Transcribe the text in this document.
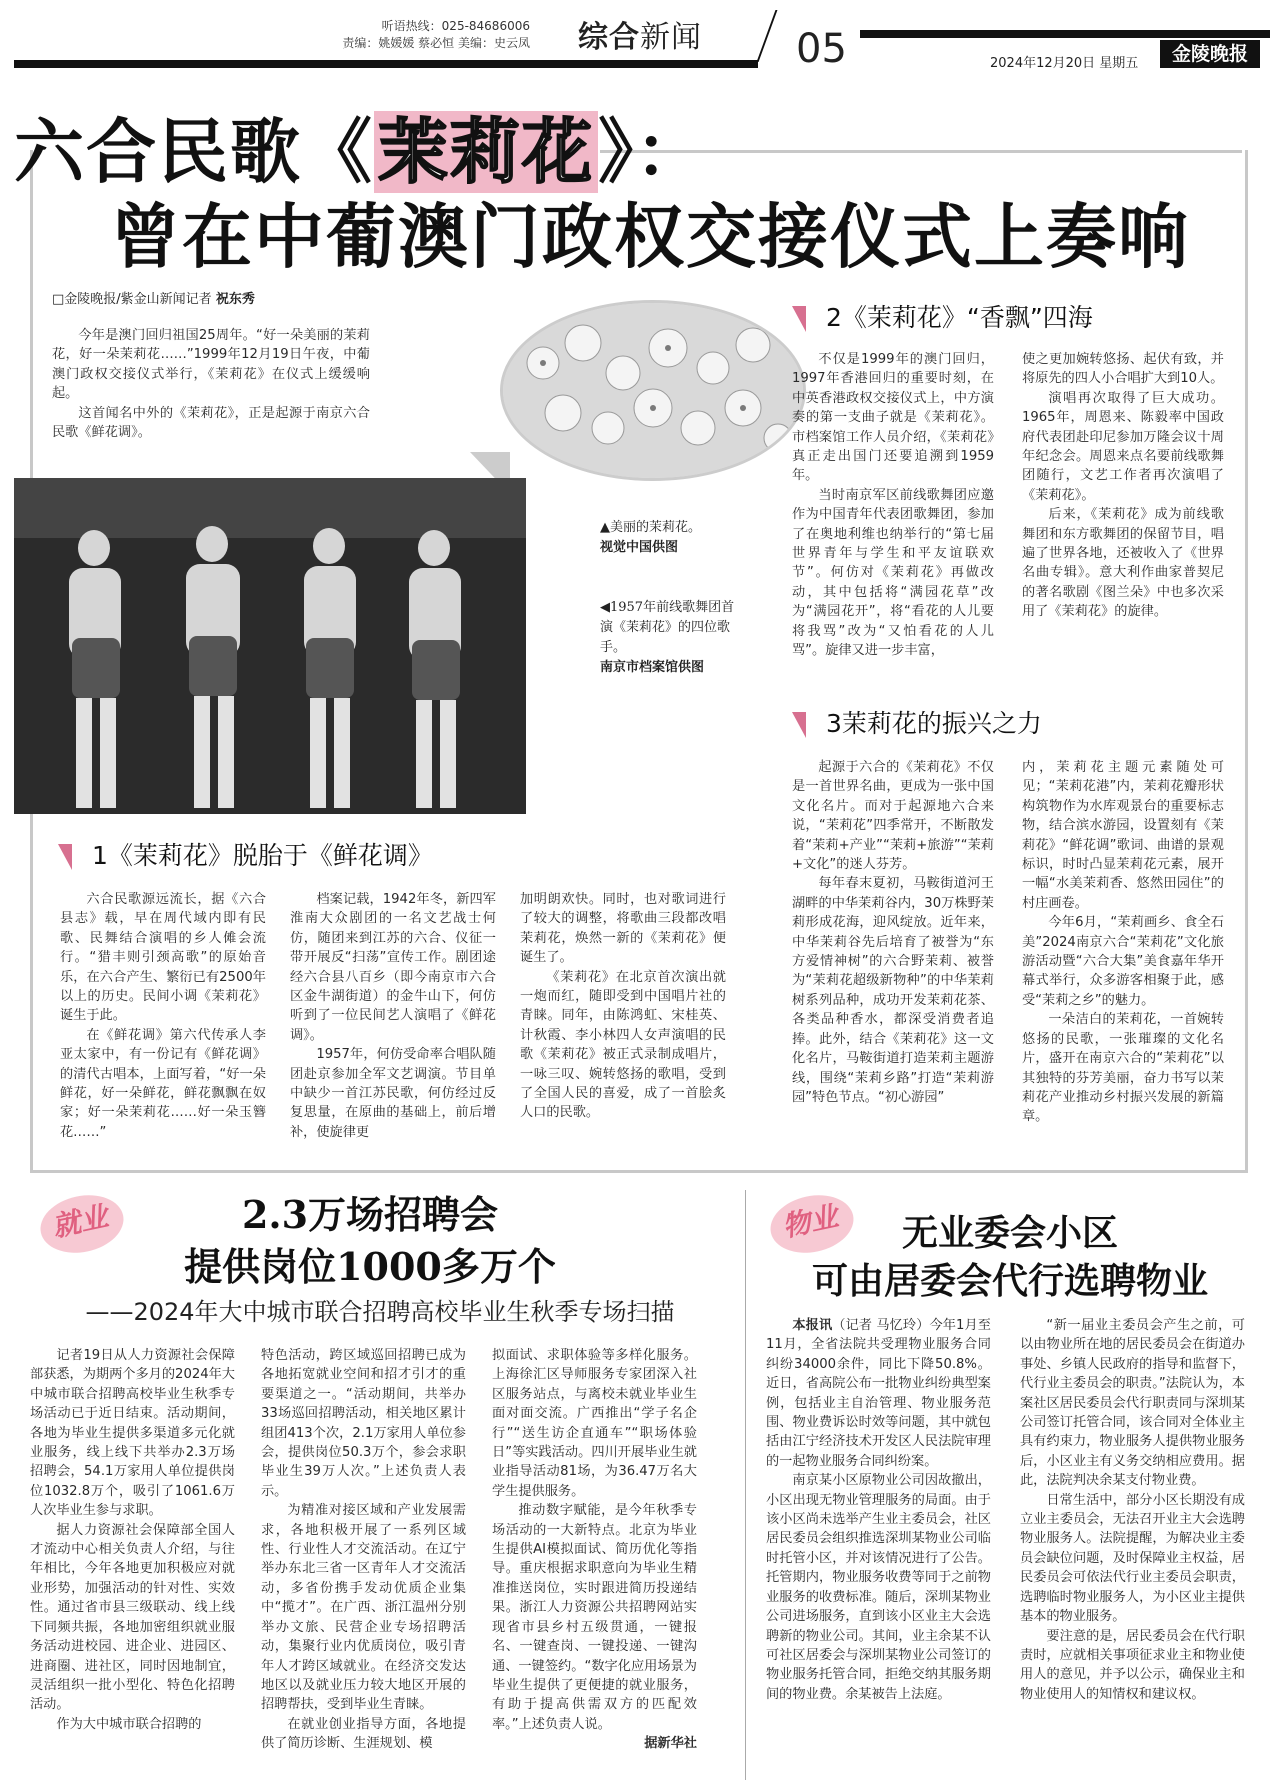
听语热线：025-84686006
责编：姚媛媛 蔡必恒 美编：史云凤 综合新闻 05	2024年12月20日 星期五	金陵晚报
六合民歌《茉莉花》：
曾在中葡澳门政权交接仪式上奏响
□金陵晚报/紫金山新闻记者 祝东秀

今年是澳门回归祖国25周年。“好一朵美丽的茉莉花，好一朵茉莉花……”1999年12月19日午夜，中葡澳门政权交接仪式举行，《茉莉花》在仪式上缓缓响起。

这首闻名中外的《茉莉花》，正是起源于南京六合民歌《鲜花调》。

▲美丽的茉莉花。
视觉中国供图
◀1957年前线歌舞团首演《茉莉花》的四位歌手。
南京市档案馆供图
1《茉莉花》脱胎于《鲜花调》

六合民歌源远流长，据《六合县志》载，早在周代域内即有民歌、民舞结合演唱的乡人傩会流行。“猎丰则引颈高歌”的原始音乐，在六合产生、繁衍已有2500年以上的历史。民间小调《茉莉花》诞生于此。

在《鲜花调》第六代传承人李亚太家中，有一份记有《鲜花调》的清代古唱本，上面写着，“好一朵鲜花，好一朵鲜花，鲜花飘飘在奴家；好一朵茉莉花……好一朵玉簪花……”

档案记载，1942年冬，新四军淮南大众剧团的一名文艺战士何仿，随团来到江苏的六合、仪征一带开展反“扫荡”宣传工作。剧团途经六合县八百乡（即今南京市六合区金牛湖街道）的金牛山下，何仿听到了一位民间艺人演唱了《鲜花调》。

1957年，何仿受命率合唱队随团赴京参加全军文艺调演。节目单中缺少一首江苏民歌，何仿经过反复思量，在原曲的基础上，前后增补，使旋律更

加明朗欢快。同时，也对歌词进行了较大的调整，将歌曲三段都改唱茉莉花，焕然一新的《茉莉花》便诞生了。

《茉莉花》在北京首次演出就一炮而红，随即受到中国唱片社的青睐。同年，由陈鸿虹、宋桂英、计秋霞、李小林四人女声演唱的民歌《茉莉花》被正式录制成唱片，一咏三叹、婉转悠扬的歌唱，受到了全国人民的喜爱，成了一首脍炙人口的民歌。

2《茉莉花》“香飘”四海

不仅是1999年的澳门回归，1997年香港回归的重要时刻，在中英香港政权交接仪式上，中方演奏的第一支曲子就是《茉莉花》。市档案馆工作人员介绍，《茉莉花》真正走出国门还要追溯到1959年。

当时南京军区前线歌舞团应邀作为中国青年代表团歌舞团，参加了在奥地利维也纳举行的“第七届世界青年与学生和平友谊联欢节”。何仿对《茉莉花》再做改动，其中包括将“满园花草”改为“满园花开”，将“看花的人儿要将我骂”改为“又怕看花的人儿骂”。旋律又进一步丰富，

使之更加婉转悠扬、起伏有致，并将原先的四人小合唱扩大到10人。

演唱再次取得了巨大成功。1965年，周恩来、陈毅率中国政府代表团赴印尼参加万隆会议十周年纪念会。周恩来点名要前线歌舞团随行，文艺工作者再次演唱了《茉莉花》。

后来，《茉莉花》成为前线歌舞团和东方歌舞团的保留节目，唱遍了世界各地，还被收入了《世界名曲专辑》。意大利作曲家普契尼的著名歌剧《图兰朵》中也多次采用了《茉莉花》的旋律。

3茉莉花的振兴之力

起源于六合的《茉莉花》不仅是一首世界名曲，更成为一张中国文化名片。而对于起源地六合来说，“茉莉花”四季常开，不断散发着“茉莉+产业”“茉莉+旅游”“茉莉+文化”的迷人芬芳。

每年春末夏初，马鞍街道河王湖畔的中华茉莉谷内，30万株野茉莉形成花海，迎风绽放。近年来，中华茉莉谷先后培育了被誉为“东方爱情神树”的六合野茉莉、被誉为“茉莉花超级新物种”的中华茉莉树系列品种，成功开发茉莉花茶、各类品种香水，都深受消费者追捧。此外，结合《茉莉花》这一文化名片，马鞍街道打造茉莉主题游线，围绕“茉莉乡路”打造“茉莉游园”特色节点。“初心游园”

内，茉莉花主题元素随处可见；“茉莉花港”内，茉莉花瓣形状构筑物作为水库观景台的重要标志物，结合滨水游园，设置刻有《茉莉花》“鲜花调”歌词、曲谱的景观标识，时时凸显茉莉花元素，展开一幅“水美茉莉香、悠然田园住”的村庄画卷。

今年6月，“茉莉画乡、食全石美”2024南京六合“茉莉花”文化旅游活动暨“六合大集”美食嘉年华开幕式举行，众多游客相聚于此，感受“茉莉之乡”的魅力。

一朵洁白的茉莉花，一首婉转悠扬的民歌，一张璀璨的文化名片，盛开在南京六合的“茉莉花”以其独特的芬芳美丽，奋力书写以茉莉花产业推动乡村振兴发展的新篇章。

就业	2.3万场招聘会
提供岗位1000多万个
——2024年大中城市联合招聘高校毕业生秋季专场扫描

记者19日从人力资源社会保障部获悉，为期两个多月的2024年大中城市联合招聘高校毕业生秋季专场活动已于近日结束。活动期间，各地为毕业生提供多渠道多元化就业服务，线上线下共举办2.3万场招聘会，54.1万家用人单位提供岗位1032.8万个，吸引了1061.6万人次毕业生参与求职。

据人力资源社会保障部全国人才流动中心相关负责人介绍，与往年相比，今年各地更加积极应对就业形势，加强活动的针对性、实效性。通过省市县三级联动、线上线下同频共振，各地加密组织就业服务活动进校园、进企业、进园区、进商圈、进社区，同时因地制宜，灵活组织一批小型化、特色化招聘活动。

作为大中城市联合招聘的

特色活动，跨区域巡回招聘已成为各地拓宽就业空间和招才引才的重要渠道之一。“活动期间，共举办33场巡回招聘活动，相关地区累计组团413个次，2.1万家用人单位参会，提供岗位50.3万个，参会求职毕业生39万人次。”上述负责人表示。

为精准对接区域和产业发展需求，各地积极开展了一系列区域性、行业性人才交流活动。在辽宁举办东北三省一区青年人才交流活动，多省份携手发动优质企业集中“揽才”。在广西、浙江温州分别举办文旅、民营企业专场招聘活动，集聚行业内优质岗位，吸引青年人才跨区域就业。在经济交发达地区以及就业压力较大地区开展的招聘帮扶，受到毕业生青睐。

在就业创业指导方面，各地提供了简历诊断、生涯规划、模

拟面试、求职体验等多样化服务。上海徐汇区导师服务专家团深入社区服务站点，与离校未就业毕业生面对面交流。广西推出“学子名企行”“送生访企直通车”“职场体验日”等实践活动。四川开展毕业生就业指导活动81场，为36.47万名大学生提供服务。

推动数字赋能，是今年秋季专场活动的一大新特点。北京为毕业生提供AI模拟面试、简历优化等指导。重庆根据求职意向为毕业生精准推送岗位，实时跟进简历投递结果。浙江人力资源公共招聘网站实现省市县乡村五级贯通，一键报名、一键查岗、一键投递、一键沟通、一键签约。“数字化应用场景为毕业生提供了更便捷的就业服务，有助于提高供需双方的匹配效率。”上述负责人说。

据新华社
物业	无业委会小区
可由居委会代行选聘物业

本报讯（记者 马忆玲）今年1月至11月，全省法院共受理物业服务合同纠纷34000余件，同比下降50.8%。近日，省高院公布一批物业纠纷典型案例，包括业主自治管理、物业服务范围、物业费诉讼时效等问题，其中就包括由江宁经济技术开发区人民法院审理的一起物业服务合同纠纷案。

南京某小区原物业公司因故撤出，小区出现无物业管理服务的局面。由于该小区尚未选举产生业主委员会，社区居民委员会组织推选深圳某物业公司临时托管小区，并对该情况进行了公告。托管期内，物业服务收费等同于之前物业服务的收费标准。随后，深圳某物业公司进场服务，直到该小区业主大会选聘新的物业公司。其间，业主余某不认可社区居委会与深圳某物业公司签订的物业服务托管合同，拒绝交纳其服务期间的物业费。余某被告上法庭。

“新一届业主委员会产生之前，可以由物业所在地的居民委员会在街道办事处、乡镇人民政府的指导和监督下，代行业主委员会的职责。”法院认为，本案社区居民委员会代行职责同与深圳某公司签订托管合同，该合同对全体业主具有约束力，物业服务人提供物业服务后，小区业主有义务交纳相应费用。据此，法院判决余某支付物业费。

日常生活中，部分小区长期没有成立业主委员会，无法召开业主大会选聘物业服务人。法院提醒，为解决业主委员会缺位问题，及时保障业主权益，居民委员会可依法代行业主委员会职责，选聘临时物业服务人，为小区业主提供基本的物业服务。

要注意的是，居民委员会在代行职责时，应就相关事项征求业主和物业使用人的意见，并予以公示，确保业主和物业使用人的知情权和建议权。
